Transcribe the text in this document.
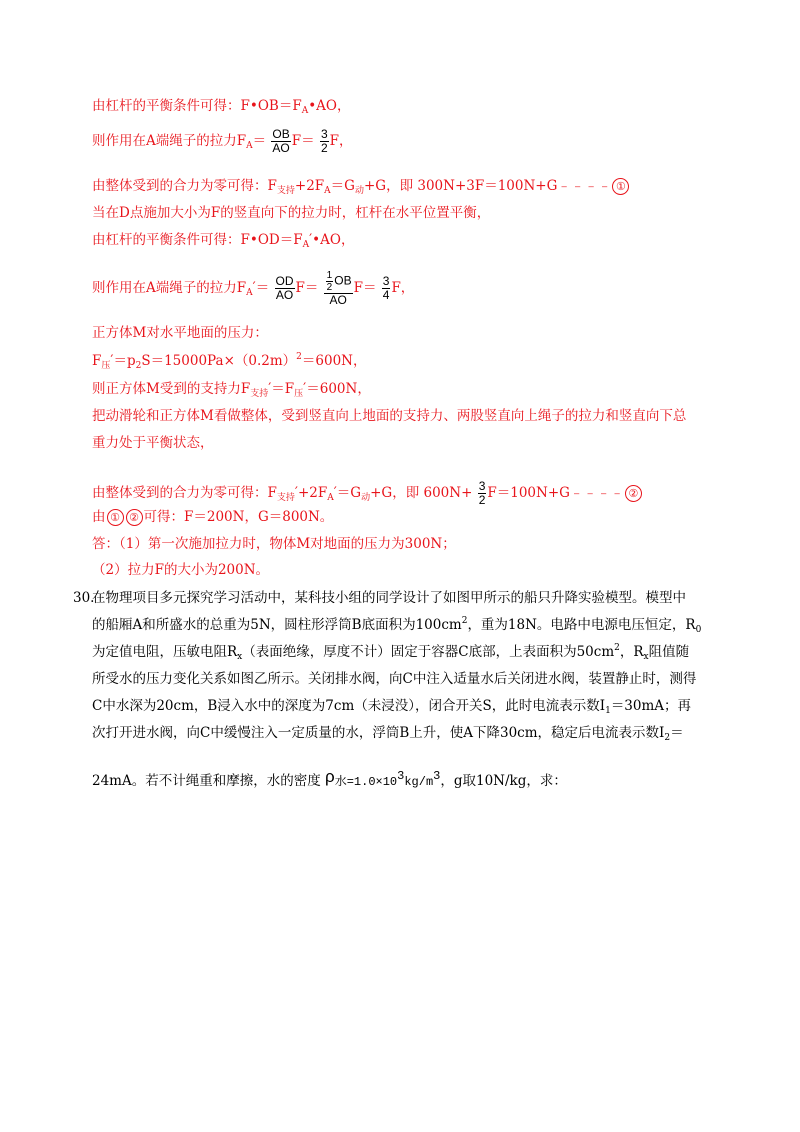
由杠杆的平衡条件可得：$F•OB=F_A•AO$，
则作用在A端绳子的拉力$F_A= \frac{OB}{AO} F= \frac{3}{2}$ F，
由整体受到的合力为零可得：$F_{支持}+2F_A=G_动+G$，即 300N+3F＝100N+G﹣﹣﹣﹣ ①
当在D点施加大小为F的竖直向下的拉力时，杠杆在水平位置平衡，
由杠杆的平衡条件可得：$F•OD=F_A'•AO$，
则作用在A端绳子的拉力$F_A'= \frac{OD}{AO} F= \frac{\frac{1}{2} OB}{AO} F= \frac{3}{4}$ F，
正方体M对水平地面的压力：
$F_压'=p_2S=15000Pa\times(0.2m)^2=600N$，
则正方体M受到的支持力$F_{支持}'=F_压'=600N$，
把动滑轮和正方体M看做整体，受到竖直向上地面的支持力、两股竖直向上绳子的拉力和竖直向下总
重力处于平衡状态，
由整体受到的合力为零可得：$F_{支持}'+2F_A'=G_动+G$，即 $600N+ \frac{3}{2}$ F＝100N+G﹣﹣﹣﹣ ②
由 ① ② 可得：F＝200N，G＝800N。
答：（1）第一次施加拉力时，物体M对地面的压力为300N；
（2）拉力F的大小为200N。
30.
在物理项目多元探究学习活动中，某科技小组的同学设计了如图甲所示的船只升降实验模型。模型中
的船厢A和所盛水的总重为5N，圆柱形浮筒B底面积为$100cm^2$，重为18N。电路中电源电压恒定，$R_0$
为定值电阻，压敏电阻$R_x$（表面绝缘，厚度不计）固定于容器C底部，上表面积为$50cm^2$，$R_x$阻值随
所受水的压力变化关系如图乙所示。关闭排水阀，向C中注入适量水后关闭进水阀，装置静止时，测得
C中水深为20cm，B浸入水中的深度为7cm（未浸没），闭合开关S，此时电流表示数$I_1=30mA$；再
次打开进水阀，向C中缓慢注入一定质量的水，浮筒B上升，使A下降30cm，稳定后电流表示数$I_2=$
24mA。若不计绳重和摩擦，水的密度 ρ水$=1.0\times 10^3kg/m^3$，g取10N/kg，求：
